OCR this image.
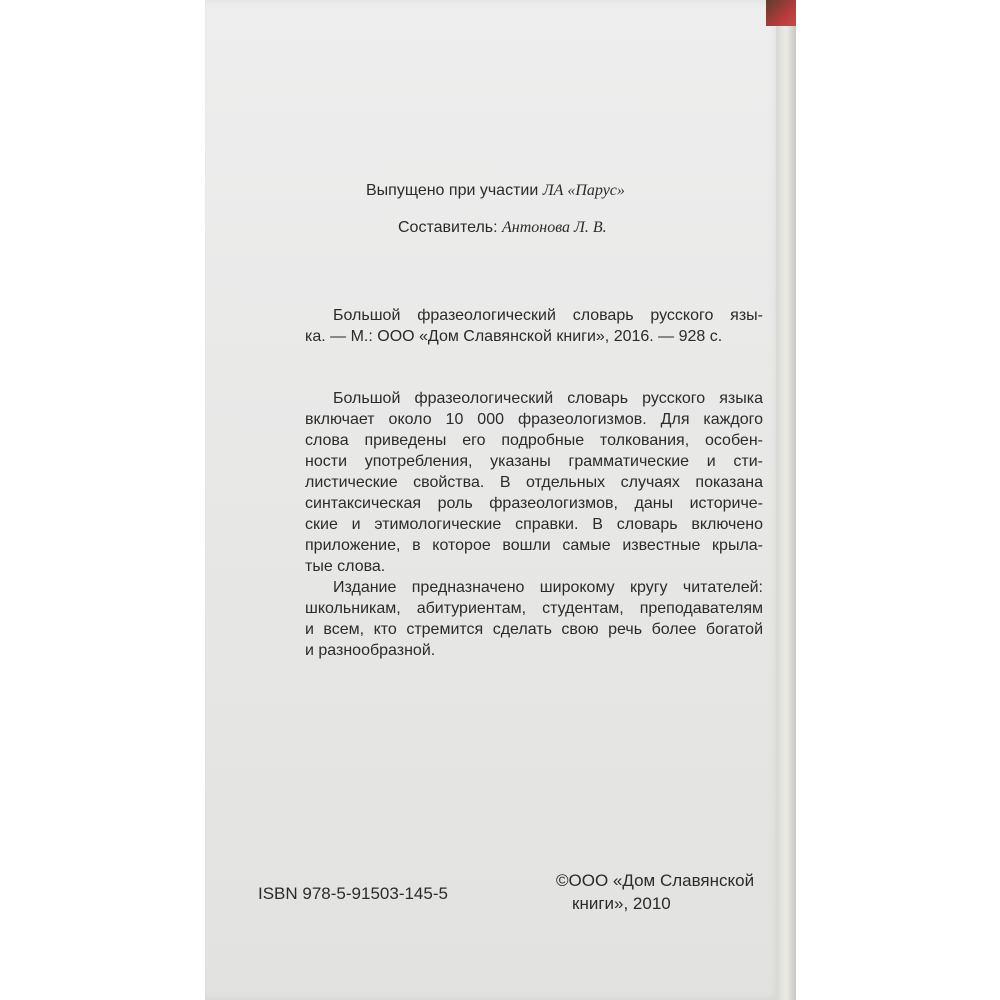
Выпущено при участии ЛА «Парус»
Составитель: Антонова Л. В.
Большой фразеологический словарь русского язы-
ка. — М.: ООО «Дом Славянской книги», 2016. — 928 с.

Большой фразеологический словарь русского языка
включает около 10 000 фразеологизмов. Для каждого
слова приведены его подробные толкования, особен-
ности употребления, указаны грамматические и сти-
листические свойства. В отдельных случаях показана
синтаксическая роль фразеологизмов, даны историче-
ские и этимологические справки. В словарь включено
приложение, в которое вошли самые известные крыла-
тые слова.

Издание предназначено широкому кругу читателей:
школьникам, абитуриентам, студентам, преподавателям
и всем, кто стремится сделать свою речь более богатой
и разнообразной.

ISBN 978-5-91503-145-5
©ООО «Дом Славянской
книги», 2010
